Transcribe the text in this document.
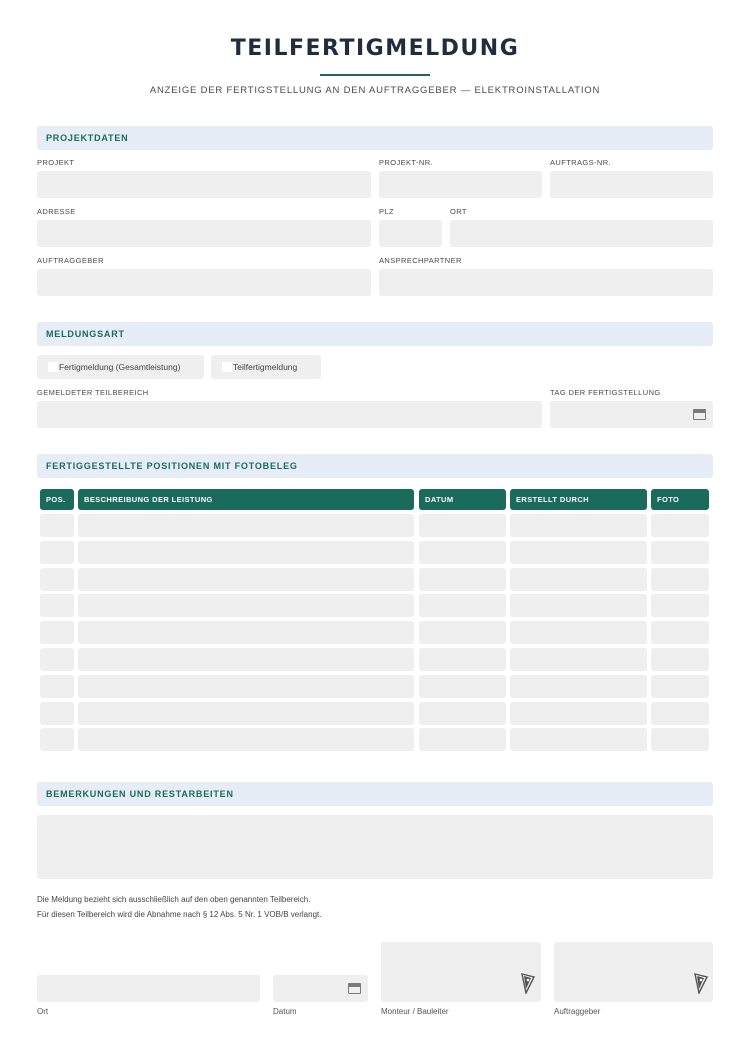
TEILFERTIGMELDUNG
ANZEIGE DER FERTIGSTELLUNG AN DEN AUFTRAGGEBER — ELEKTROINSTALLATION
PROJEKTDATEN
PROJEKT	PROJEKT-NR.	AUFTRAGS-NR.
ADRESSE	PLZ	ORT
AUFTRAGGEBER	ANSPRECHPARTNER
MELDUNGSART
Fertigmeldung (Gesamtleistung)	Teilfertigmeldung
GEMELDETER TEILBEREICH	TAG DER FERTIGSTELLUNG
FERTIGGESTELLTE POSITIONEN MIT FOTOBELEG
POS.	BESCHREIBUNG DER LEISTUNG	DATUM	ERSTELLT DURCH	FOTO
BEMERKUNGEN UND RESTARBEITEN
Die Meldung bezieht sich ausschließlich auf den oben genannten Teilbereich.
Für diesen Teilbereich wird die Abnahme nach § 12 Abs. 5 Nr. 1 VOB/B verlangt.
Ort	Datum	Monteur / Bauleiter	Auftraggeber
